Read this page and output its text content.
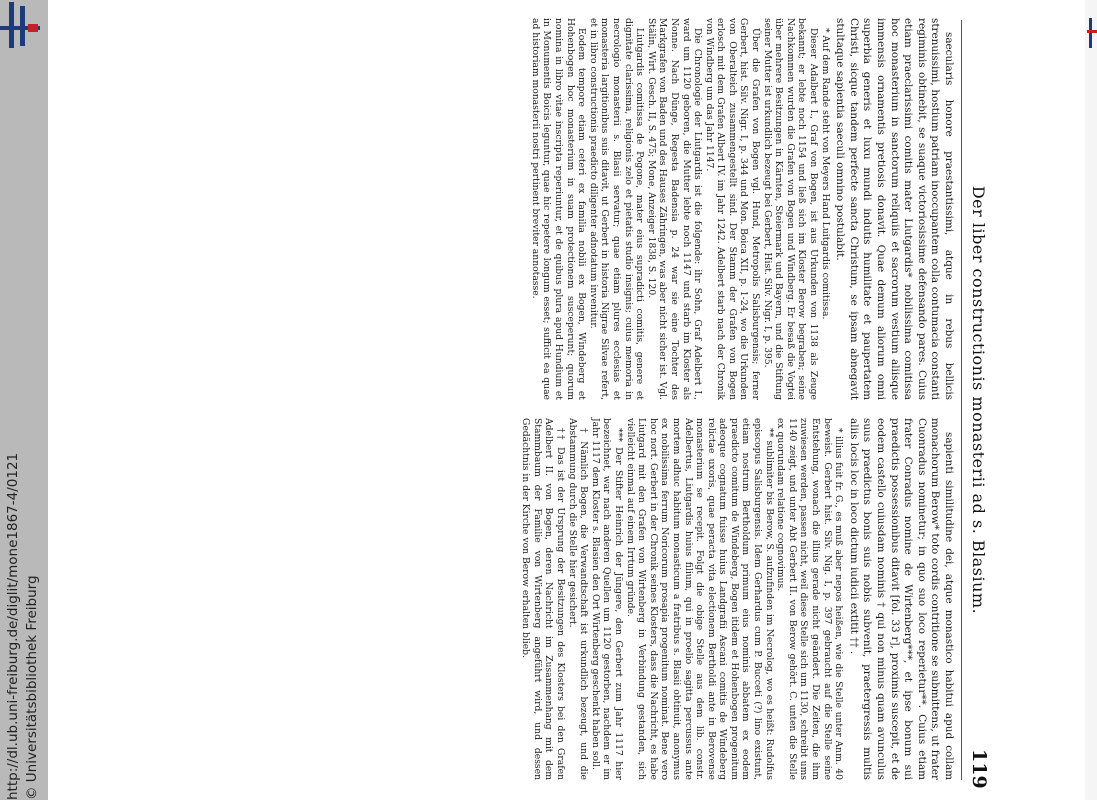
http://dl.ub.uni-freiburg.de/diglit/mone1867-4/0121 © Universitätsbibliothek Freiburg
Der liber constructionis monasterii ad s. Blasium.
119

sapienti similitudine dei, atque monastico habitui apud collam monachorum Berow* toto cordis contritione se submittens, ut frater Cuonradus nominetur; in quo suo loco reperietur**. Cuius etiam frater Conradus nomine de Wirtenberg***, et ipse bonum sui praedictis possessionibus ditavit [fol. 33 r], proximis suscepit, et de eodem castello cuiusdam nominis † qui non minus quam avunculus suus praedictus bonis suis nobis subvenit, praetergressis multis aliis locis loc in loco dictum iudicii extitit †† .

* illius fuit fr. G., es muß aber nepos heißen, wie die Stelle unter Anm. 40 beweist. Gerbert hist. Silv. Nig. I, p. 397 gebraucht auf die Stelle seine Entstehung, wonach die illius gerade nicht geändert. Die Zeiten, die ihm zuwiesen werden, passen nicht, weil diese Stelle sich um 1130, schreibt ums 1140 zeigt, und unter Abt Gerbert II. von Berow gehört. C. unten die Stelle ex quorundam relatione cognovimus.

** sublimiter bis Berow, S. aufzufinden im Necrolog, wo es heißt: Rudolfus episcopus Salisburgensis. Idem Gerhardus cum P. Bucceti (?) lino existunt, etiam nostrum Bertholdum primum eius nominis abbatem ex eodem praedicto comitum de Windeberg, Bogen itidem et Hohenbogen progenitum adeoque cognatum fuisse huius Landgrafii Ascani comitis de Windeberg relictae uxoris, quae peracta vita electionem Bertholdi ante in Berovense monasterium se recepit. Folgt die obige Stelle aus dem lib. constr. Adelbertus, Liutgardis huius filium, qui in proelio sagitta percussus ante mortem adhuc habitum monasticum a fratribus s. Blasii obtinuit, anonymus ex nobilissima ferrum Noricorum prosapia progenitum nominat. Bene vero hoc nort. Gerbert in der Chronik seines Klosters, dass die Nachricht, es habe Liutgard mit den Grafen von Wirtenberg in Verbindung gestanden, sich vielleicht einmal auf einem Irrtum gründe.

*** Der Stifter Heinrich der Jüngere, den Gerbert zum Jahr 1117 hier bezeichnet, war nach anderen Quellen um 1120 gestorben, nachdem er im Jahr 1117 dem Kloster s. Blasien den Ort Wirtenberg geschenkt haben soll.

† Nämlich Bogen, die Verwandtschaft ist urkundlich bezeugt, und die Abstammung durch die Stelle hier gesichert.

†† Das ist der Ursprung der Besitzungen des Klosters bei den Grafen Adelbert II. von Bogen, deren Nachricht im Zusammenhang mit dem Stammbaum der Familie von Wirtenberg angeführt wird, und dessen Gedächtnis in der Kirche von Berow erhalten blieb.

saecularis honore praestantissimi, atque in rebus bellicis strenuissimi, hostium patriam inoccupantem colla contumacia constanti regiminis obtinebit, se suaque victoriosissime defensando pares. Cuius etiam praeclarissimi comitis mater Liutgardis* nobilissima comitissa hoc monasterium in sanctorum reliquiis et sacrorum vestium aliisque immensis ornamentis pretiosis donavit. Quae demum aliorum omni superbia generis et luxu mundi indutis humilitate et paupertatem Christi, sicque tandem perfecte sancta Christum, se ipsam abnegavit stultaque sapientia saeculi omnino postulabit.

* Auf dem Rande steht von Meyers Hand Luitgardis comitissa.

Dieser Adalbert I., Graf von Bogen, ist aus Urkunden von 1138 als Zeuge bekannt; er lebte noch 1154 und ließ sich im Kloster Berow begraben; seine Nachkommen wurden die Grafen von Bogen und Windberg. Er besaß die Vogtei über mehrere Besitzungen in Kärnten, Steiermark und Bayern, und die Stiftung seiner Mutter ist urkundlich bezeugt bei Gerbert, Hist. Silv. Nigr. I, p. 395.

Über die Grafen von Bogen vgl. Hund, Metropolis Salisburgensis; ferner Gerbert, hist. Silv. Nigr. I, p. 344 und Mon. Boica XII, p. 1-24, wo die Urkunden von Oberalteich zusammengestellt sind. Der Stamm der Grafen von Bogen erlosch mit dem Grafen Albert IV. im Jahr 1242. Adelbert starb nach der Chronik von Windberg um das Jahr 1147.

Die Chronologie der Liutgardis ist die folgende: ihr Sohn, Graf Adelbert I., ward um 1120 geboren, die Mutter lebte noch 1147 und starb im Kloster als Nonne. Nach Dünge, Regesta Badensia p. 24 war sie eine Tochter des Markgrafen von Baden und des Hauses Zähringen, was aber nicht sicher ist. Vgl. Stälin, Wirt. Gesch. II, S. 475; Mone, Anzeiger 1838, S. 120.

Liutgardis comitissa de Pogone, mater eius supradicti comitis, genere et dignitate clarissima, religionis zelo et pietatis studio insignis; cuius memoria in necrologio monasterii s. Blasii servatur; quae etiam plures ecclesias et monasteria largitionibus suis ditavit, ut Gerbert in historia Nigrae Silvae refert, et in libro constructionis praedicto diligenter adnotatum invenitur.

Eodem tempore etiam ceteri ex familia nobili ex Bogen, Windeberg et Hohenbogen hoc monasterium in suam protectionem susceperunt; quorum nomina in libro vitae inscripta reperiuntur, et de quibus plura apud Hundium et in Monumentis Boicis leguntur, quae hic repetere longum esset; sufficit ea quae ad historiam monasterii nostri pertinent breviter annotasse.
